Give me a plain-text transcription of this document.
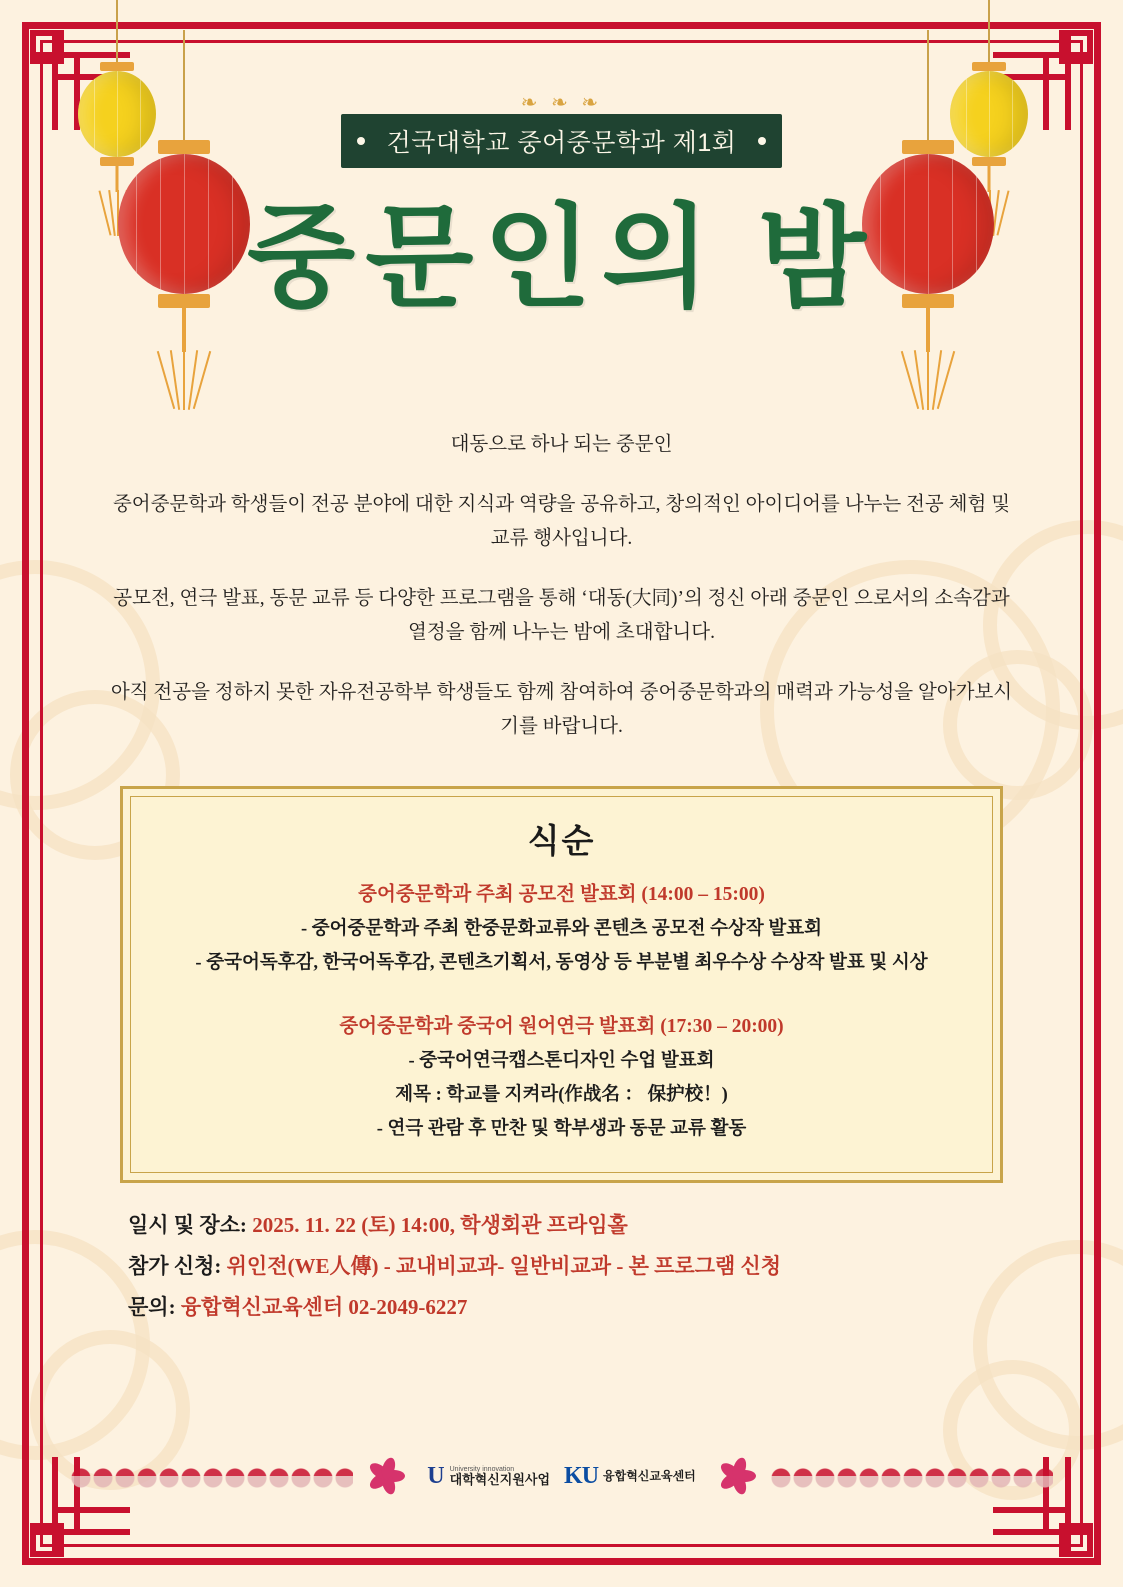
❧ ❧ ❧
건국대학교 중어중문학과 제1회
중문인의 밤
대동으로 하나 되는 중문인

중어중문학과 학생들이 전공 분야에 대한 지식과 역량을 공유하고, 창의적인 아이디어를 나누는 전공 체험 및 교류 행사입니다.

공모전, 연극 발표, 동문 교류 등 다양한 프로그램을 통해 ‘대동(大同)’의 정신 아래 중문인 으로서의 소속감과 열정을 함께 나누는 밤에 초대합니다.

아직 전공을 정하지 못한 자유전공학부 학생들도 함께 참여하여 중어중문학과의 매력과 가능성을 알아가보시기를 바랍니다.

식순
중어중문학과 주최 공모전 발표회 (14:00 – 15:00)
- 중어중문학과 주최 한중문화교류와 콘텐츠 공모전 수상작 발표회
- 중국어독후감, 한국어독후감, 콘텐츠기획서, 동영상 등 부분별 최우수상 수상작 발표 및 시상
중어중문학과 중국어 원어연극 발표회 (17:30 – 20:00)
- 중국어연극캡스톤디자인 수업 발표회
제목 : 학교를 지켜라(作战名 ： 保护校！)
- 연극 관람 후 만찬 및 학부생과 동문 교류 활동
일시 및 장소: 2025. 11. 22 (토) 14:00, 학생회관 프라임홀
참가 신청: 위인전(WE人傳) - 교내비교과- 일반비교과 - 본 프로그램 신청
문의: 융합혁신교육센터 02-2049-6227
U University innovation
대학혁신지원사업 KU 융합혁신교육센터
